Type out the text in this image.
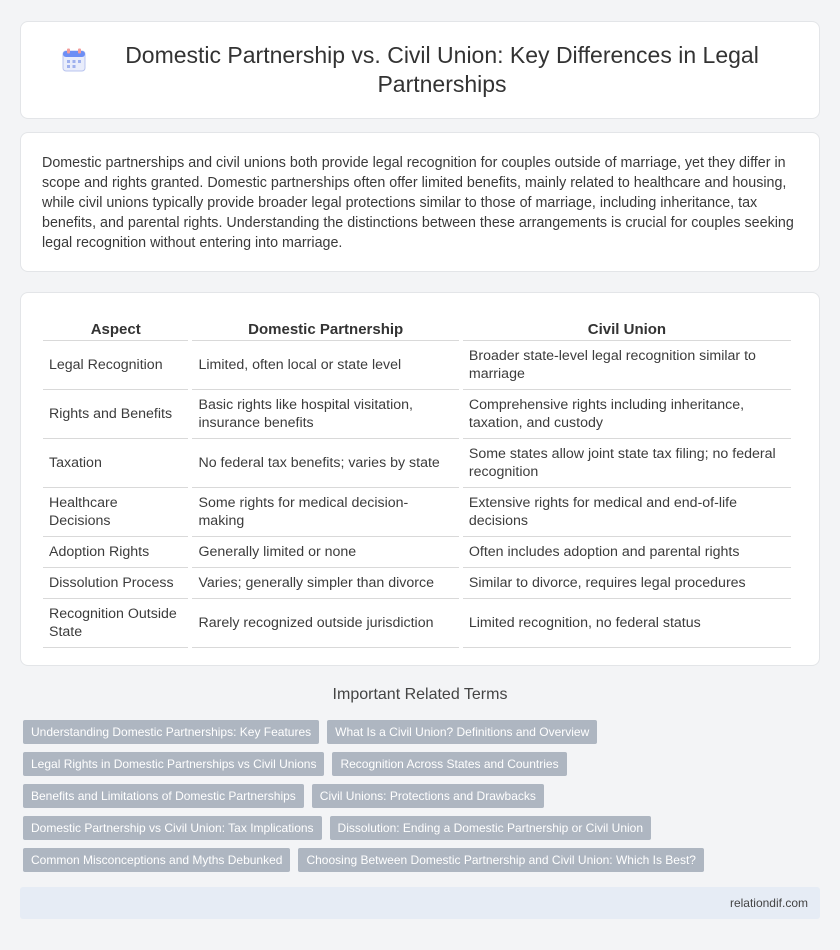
Domestic Partnership vs. Civil Union: Key Differences in Legal Partnerships

Domestic partnerships and civil unions both provide legal recognition for couples outside of marriage, yet they differ in scope and rights granted. Domestic partnerships often offer limited benefits, mainly related to healthcare and housing, while civil unions typically provide broader legal protections similar to those of marriage, including inheritance, tax benefits, and parental rights. Understanding the distinctions between these arrangements is crucial for couples seeking legal recognition without entering into marriage.

Aspect	Domestic Partnership	Civil Union
Legal Recognition	Limited, often local or state level	Broader state-level legal recognition similar to marriage
Rights and Benefits	Basic rights like hospital visitation, insurance benefits	Comprehensive rights including inheritance, taxation, and custody
Taxation	No federal tax benefits; varies by state	Some states allow joint state tax filing; no federal recognition
Healthcare Decisions	Some rights for medical decision-making	Extensive rights for medical and end-of-life decisions
Adoption Rights	Generally limited or none	Often includes adoption and parental rights
Dissolution Process	Varies; generally simpler than divorce	Similar to divorce, requires legal procedures
Recognition Outside State	Rarely recognized outside jurisdiction	Limited recognition, no federal status
Important Related Terms
Understanding Domestic Partnerships: Key Features	What Is a Civil Union? Definitions and Overview
Legal Rights in Domestic Partnerships vs Civil Unions	Recognition Across States and Countries
Benefits and Limitations of Domestic Partnerships	Civil Unions: Protections and Drawbacks
Domestic Partnership vs Civil Union: Tax Implications	Dissolution: Ending a Domestic Partnership or Civil Union
Common Misconceptions and Myths Debunked	Choosing Between Domestic Partnership and Civil Union: Which Is Best?
relationdif.com
